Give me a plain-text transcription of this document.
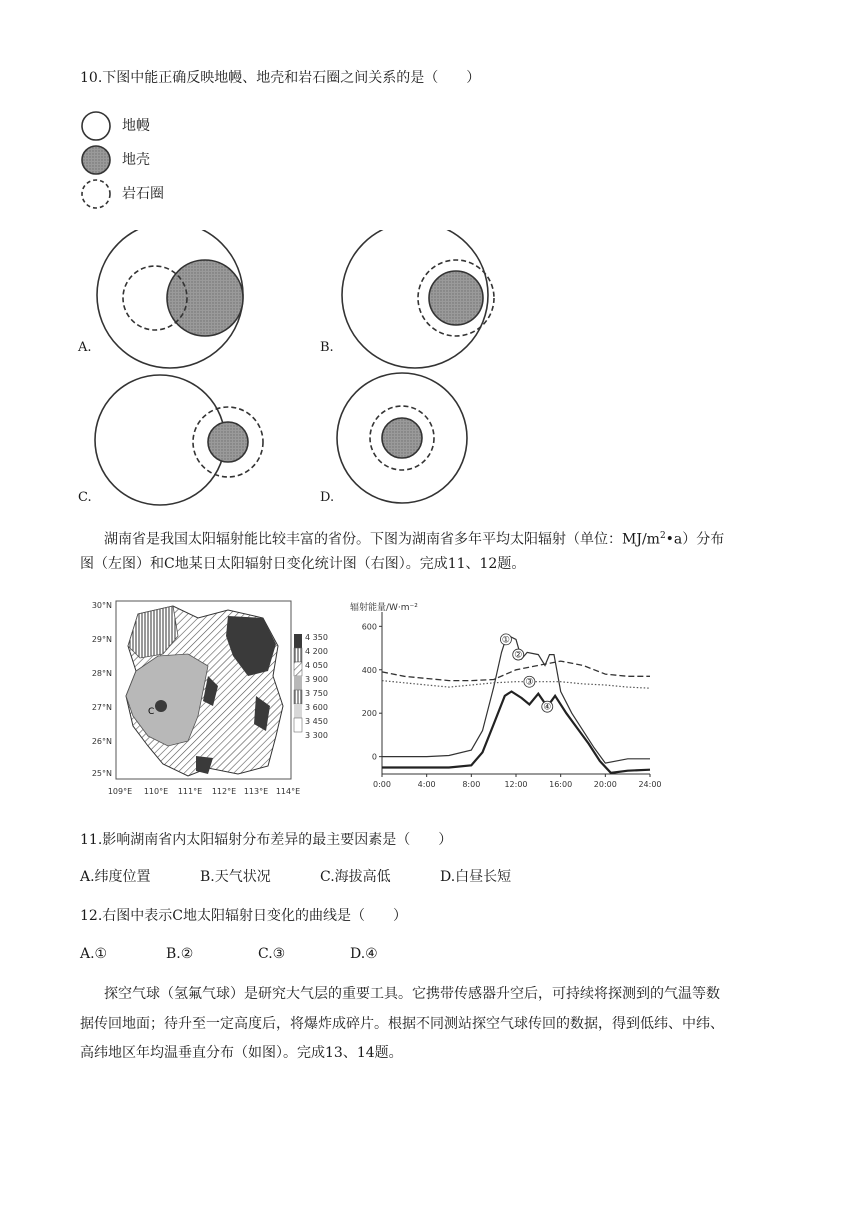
10.下图中能正确反映地幔、地壳和岩石圈之间关系的是（　　）
地幔
地壳
岩石圈
A.	B.
C.	D.
湖南省是我国太阳辐射能比较丰富的省份。下图为湖南省多年平均太阳辐射（单位：$MJ/m^2•a$）分布
图（左图）和C地某日太阳辐射日变化统计图（右图）。完成11、12题。
C
30°N
29°N
28°N
27°N
26°N
25°N
109°E 110°E 111°E 112°E 113°E 114°E
4 350
4 200
4 050
3 900
3 750
3 600
3 450
3 300
辐射能量/W·m⁻²
0:00	4:00	8:00	12:00	16:00	20:00	24:00
600
400
200
0
①
②
③
④
11.影响湖南省内太阳辐射分布差异的最主要因素是（　　）
A.纬度位置	B.天气状况	C.海拔高低	D.白昼长短
12.右图中表示C地太阳辐射日变化的曲线是（　　）
A.①	B.②	C.③	D.④
探空气球（氢氟气球）是研究大气层的重要工具。它携带传感器升空后，可持续将探测到的气温等数
据传回地面；待升至一定高度后，将爆炸成碎片。根据不同测站探空气球传回的数据，得到低纬、中纬、
高纬地区年均温垂直分布（如图）。完成13、14题。
